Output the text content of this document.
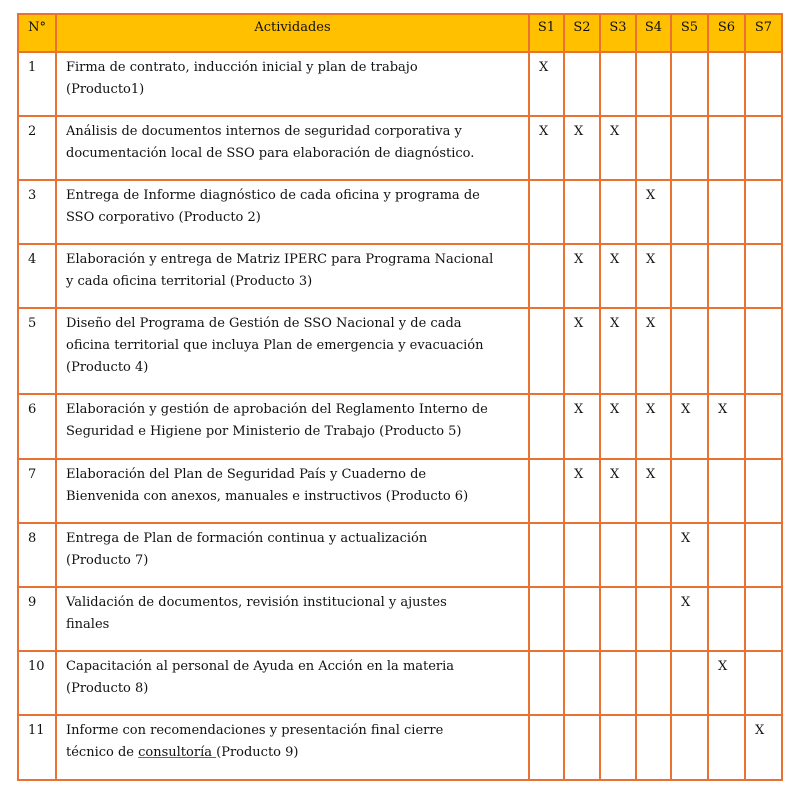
N°	Actividades	S1	S2	S3	S4	S5	S6	S7
1	Firma de contrato, inducción inicial y plan de trabajo
(Producto1)	X						
2	Análisis de documentos internos de seguridad corporativa y
documentación local de SSO para elaboración de diagnóstico.	X	X	X				
3	Entrega de Informe diagnóstico de cada oficina y programa de
SSO corporativo (Producto 2)				X			
4	Elaboración y entrega de Matriz IPERC para Programa Nacional
y cada oficina territorial (Producto 3)		X	X	X			
5	Diseño del Programa de Gestión de SSO Nacional y de cada
oficina territorial que incluya Plan de emergencia y evacuación
(Producto 4)		X	X	X			
6	Elaboración y gestión de aprobación del Reglamento Interno de
Seguridad e Higiene por Ministerio de Trabajo (Producto 5)		X	X	X	X	X	
7	Elaboración del Plan de Seguridad País y Cuaderno de
Bienvenida con anexos, manuales e instructivos (Producto 6)		X	X	X			
8	Entrega de Plan de formación continua y actualización
(Producto 7)					X		
9	Validación de documentos, revisión institucional y ajustes
finales					X		
10	Capacitación al personal de Ayuda en Acción en la materia
(Producto 8)						X	
11	Informe con recomendaciones y presentación final cierre
técnico de consultoría (Producto 9)							X
